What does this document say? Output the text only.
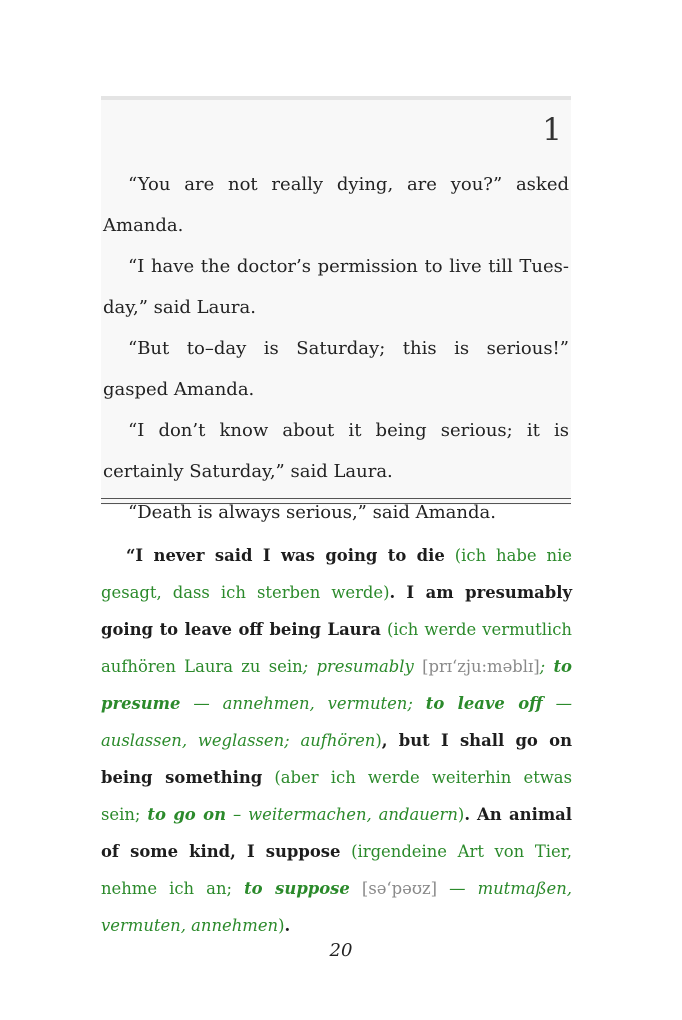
1

“You are not really dying, are you?” asked Amanda.

“I have the doctor’s permission to live till Tuesday,” said Laura.

“But to–day is Saturday; this is serious!” gasped Amanda.

“I don’t know about it being serious; it is certainly Saturday,” said Laura.

“Death is always serious,” said Amanda.

“I never said I was going to die (ich habe nie gesagt, dass ich sterben werde). I am presumably going to leave off being Laura (ich werde vermutlich aufhören Laura zu sein; presumably [prɪ‘zju:məblɪ]; to presume — annehmen, vermuten; to leave off — auslassen, weglassen; aufhören), but I shall go on being something (aber ich werde weiterhin etwas sein; to go on – weitermachen, andauern). An animal of some kind, I suppose (irgendeine Art von Tier, nehme ich an; to suppose [sə‘pəʊz] — mutmaßen, vermuten, annehmen).

20
